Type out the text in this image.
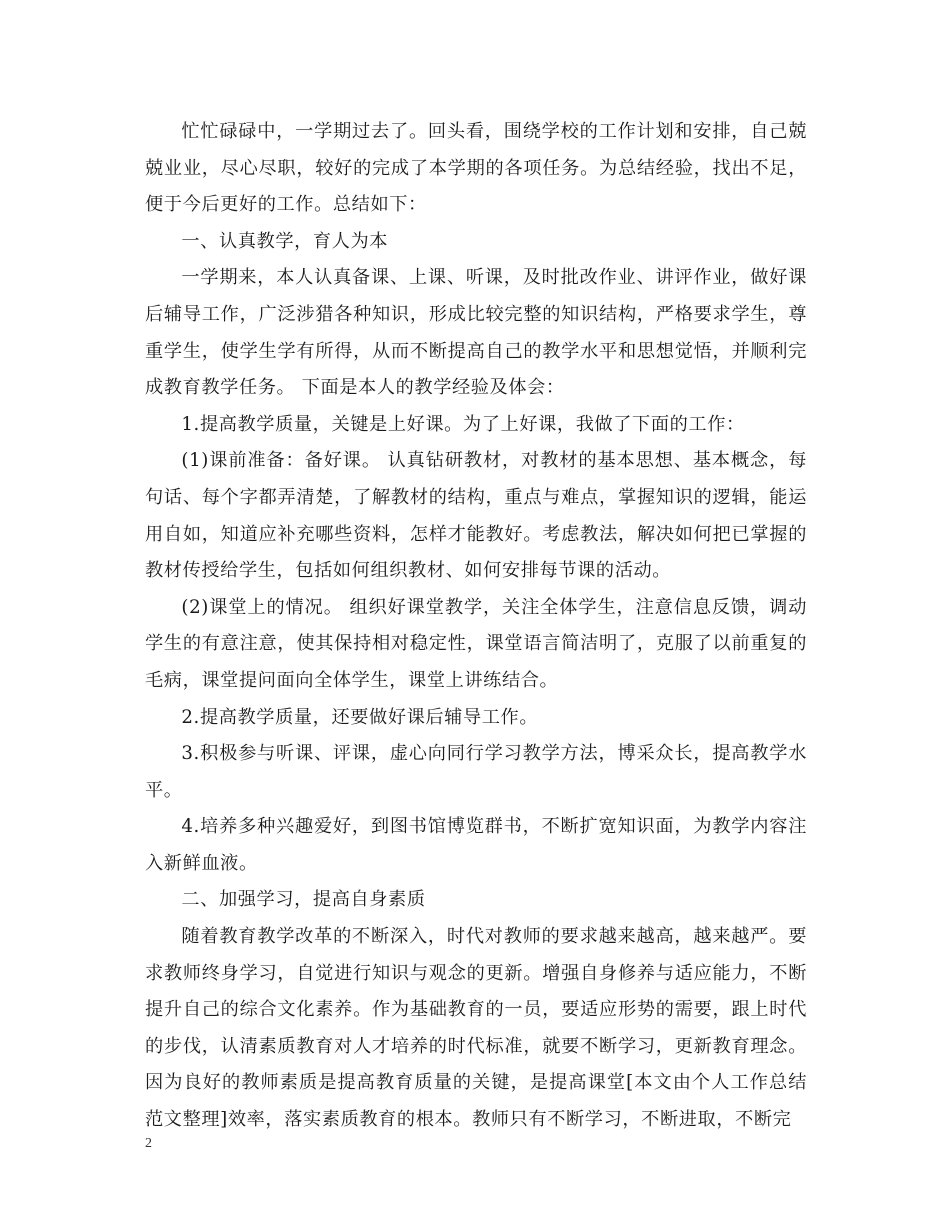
忙忙碌碌中，一学期过去了。回头看，围绕学校的工作计划和安排，自己兢兢业业，尽心尽职，较好的完成了本学期的各项任务。为总结经验，找出不足，便于今后更好的工作。总结如下：

一、认真教学，育人为本

一学期来，本人认真备课、上课、听课，及时批改作业、讲评作业，做好课后辅导工作，广泛涉猎各种知识，形成比较完整的知识结构，严格要求学生，尊重学生，使学生学有所得，从而不断提高自己的教学水平和思想觉悟，并顺利完成教育教学任务。 下面是本人的教学经验及体会：

1.提高教学质量，关键是上好课。为了上好课，我做了下面的工作：

(1)课前准备：备好课。 认真钻研教材，对教材的基本思想、基本概念，每句话、每个字都弄清楚，了解教材的结构，重点与难点，掌握知识的逻辑，能运用自如，知道应补充哪些资料，怎样才能教好。考虑教法，解决如何把已掌握的教材传授给学生，包括如何组织教材、如何安排每节课的活动。

(2)课堂上的情况。 组织好课堂教学，关注全体学生，注意信息反馈，调动学生的有意注意，使其保持相对稳定性，课堂语言简洁明了，克服了以前重复的毛病，课堂提问面向全体学生，课堂上讲练结合。

2.提高教学质量，还要做好课后辅导工作。

3.积极参与听课、评课，虚心向同行学习教学方法，博采众长，提高教学水平。

4.培养多种兴趣爱好，到图书馆博览群书，不断扩宽知识面，为教学内容注入新鲜血液。

二、加强学习，提高自身素质

随着教育教学改革的不断深入，时代对教师的要求越来越高，越来越严。要求教师终身学习，自觉进行知识与观念的更新。增强自身修养与适应能力，不断提升自己的综合文化素养。作为基础教育的一员，要适应形势的需要，跟上时代的步伐，认清素质教育对人才培养的时代标准，就要不断学习，更新教育理念。因为良好的教师素质是提高教育质量的关键，是提高课堂[本文由个人工作总结范文整理]效率，落实素质教育的根本。教师只有不断学习，不断进取，不断完

2
